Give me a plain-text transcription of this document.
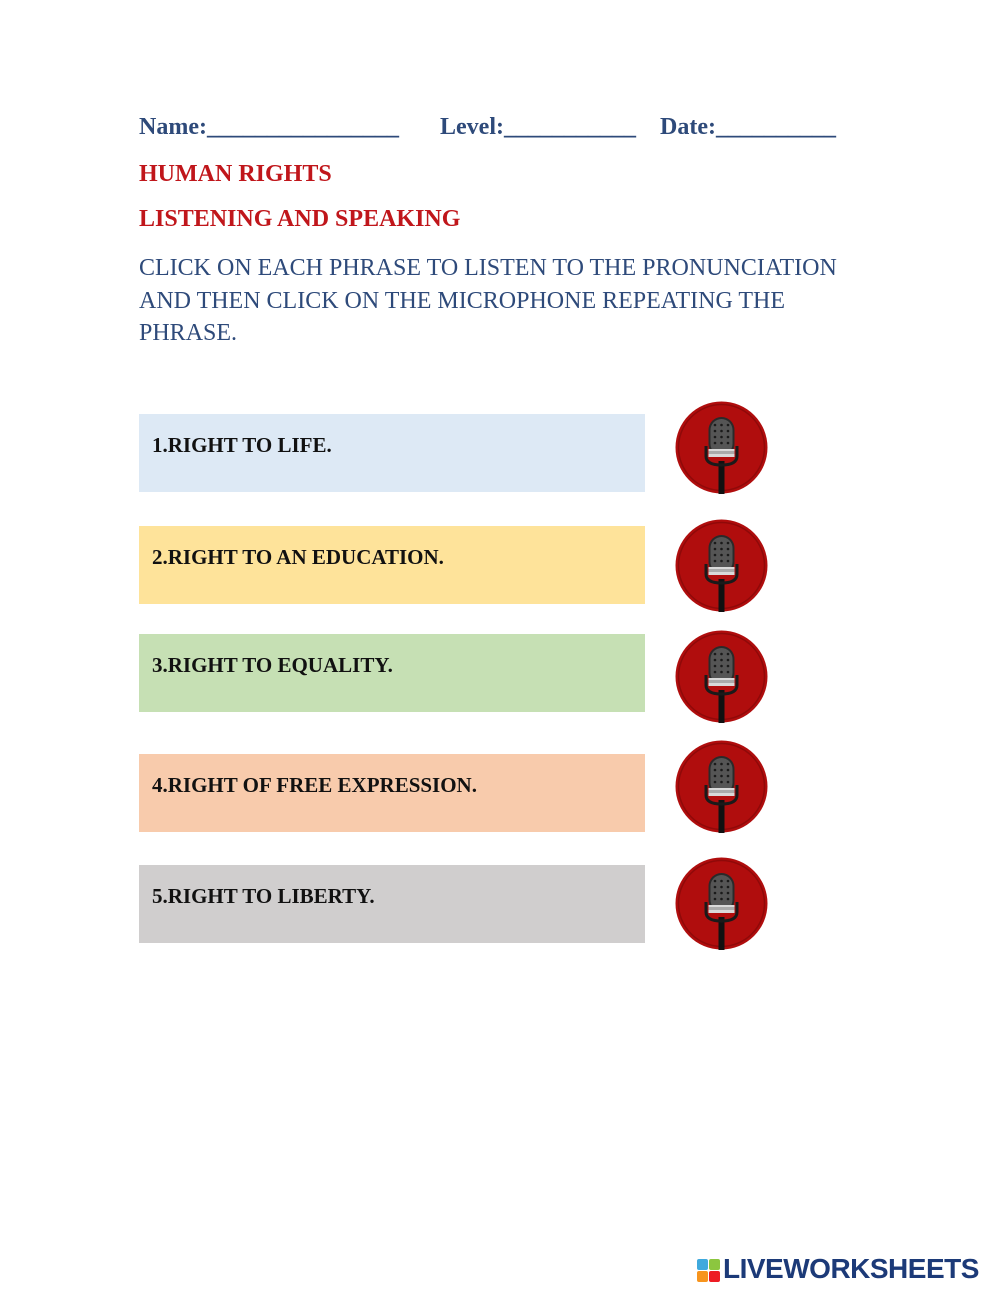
Name:________________ Level:___________ Date:__________
HUMAN RIGHTS
LISTENING AND SPEAKING
CLICK ON EACH PHRASE TO LISTEN TO THE PRONUNCIATION AND THEN CLICK ON THE MICROPHONE REPEATING THE PHRASE.
1.RIGHT TO LIFE.
2.RIGHT TO AN EDUCATION.
3.RIGHT TO EQUALITY.
4.RIGHT OF FREE EXPRESSION.
5.RIGHT TO LIBERTY.
LIVEWORKSHEETS
